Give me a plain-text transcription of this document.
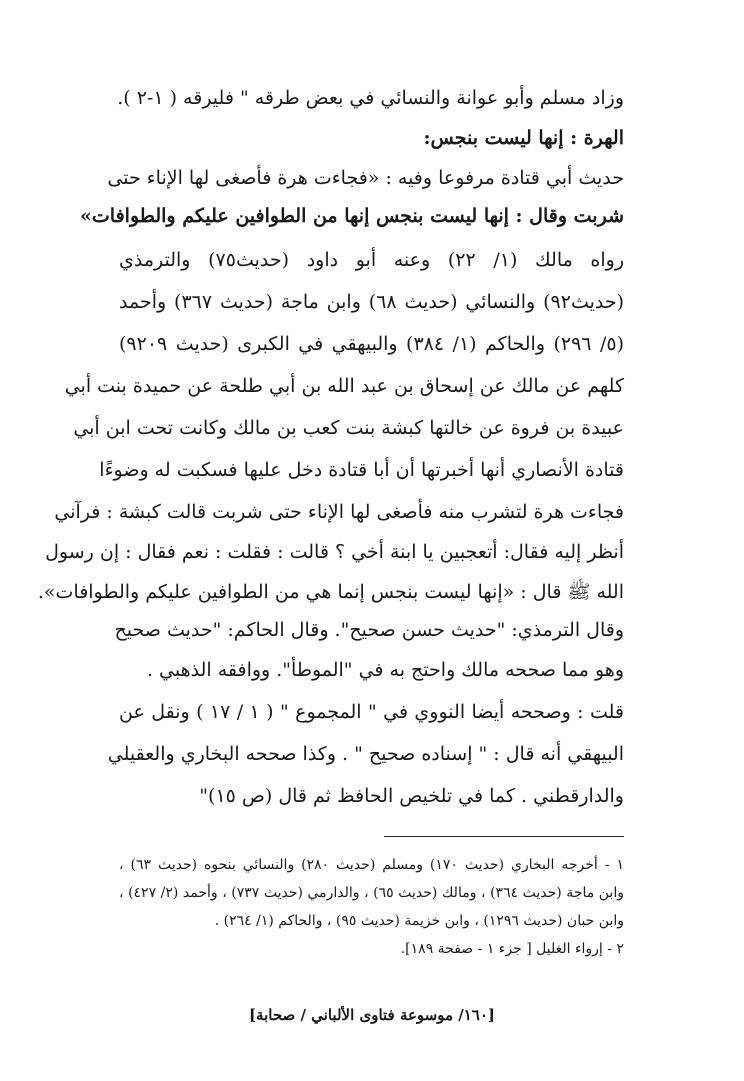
وزاد مسلم وأبو عوانة والنسائي في بعض طرقه " فليرقه ( ١-٢ ).
الهرة : إنها ليست بنجس:
حديث أبي قتادة مرفوعا وفيه : «فجاءت هرة فأصغى لها الإناء حتى
شربت وقال : إنها ليست بنجس إنها من الطوافين عليكم والطوافات»
رواه مالك (١/ ٢٢) وعنه أبو داود (حديث٧٥) والترمذي
(حديث٩٢) والنسائي (حديث ٦٨) وابن ماجة (حديث ٣٦٧) وأحمد
(٥/ ٢٩٦) والحاكم (١/ ٣٨٤) والبيهقي في الكبرى (حديث ٩٢٠٩)
كلهم عن مالك عن إسحاق بن عبد الله بن أبي طلحة عن حميدة بنت أبي
عبيدة بن فروة عن خالتها كبشة بنت كعب بن مالك وكانت تحت ابن أبي
قتادة الأنصاري أنها أخبرتها أن أبا قتادة دخل عليها فسكبت له وضوءًا
فجاءت هرة لتشرب منه فأصغى لها الإناء حتى شربت قالت كبشة : فرآني
أنظر إليه فقال: أتعجبين يا ابنة أخي ؟ قالت : فقلت : نعم فقال : إن رسول
الله ﷺ قال : «إنها ليست بنجس إنما هي من الطوافين عليكم والطوافات».
وقال الترمذي: "حديث حسن صحيح". وقال الحاكم: "حديث صحيح
وهو مما صححه مالك واحتج به في "الموطأ". ووافقه الذهبي .
قلت : وصححه أيضا النووي في " المجموع " ( ١ / ١٧ ) ونقل عن
البيهقي أنه قال : " إسناده صحيح " . وكذا صححه البخاري والعقيلي
والدارقطني . كما في تلخيص الحافظ ثم قال (ص ١٥)"
١ - أخرجه البخاري (حديث ١٧٠) ومسلم (حديث ٢٨٠) والنسائي بنحوه (حديث ٦٣) ،
وابن ماجة (حديث ٣٦٤) ، ومالك (حديث ٦٥) ، والدارمي (حديث ٧٣٧) ، وأحمد (٢/ ٤٢٧) ،
وابن حبان (حديث ١٢٩٦) ، وابن خزيمة (حديث ٩٥) ، والحاكم (١/ ٢٦٤) .
٢ - إرواء الغليل [ جزء ١ - صفحة ١٨٩].
[١٦٠/ موسوعة فتاوى الألباني / صحابة]
